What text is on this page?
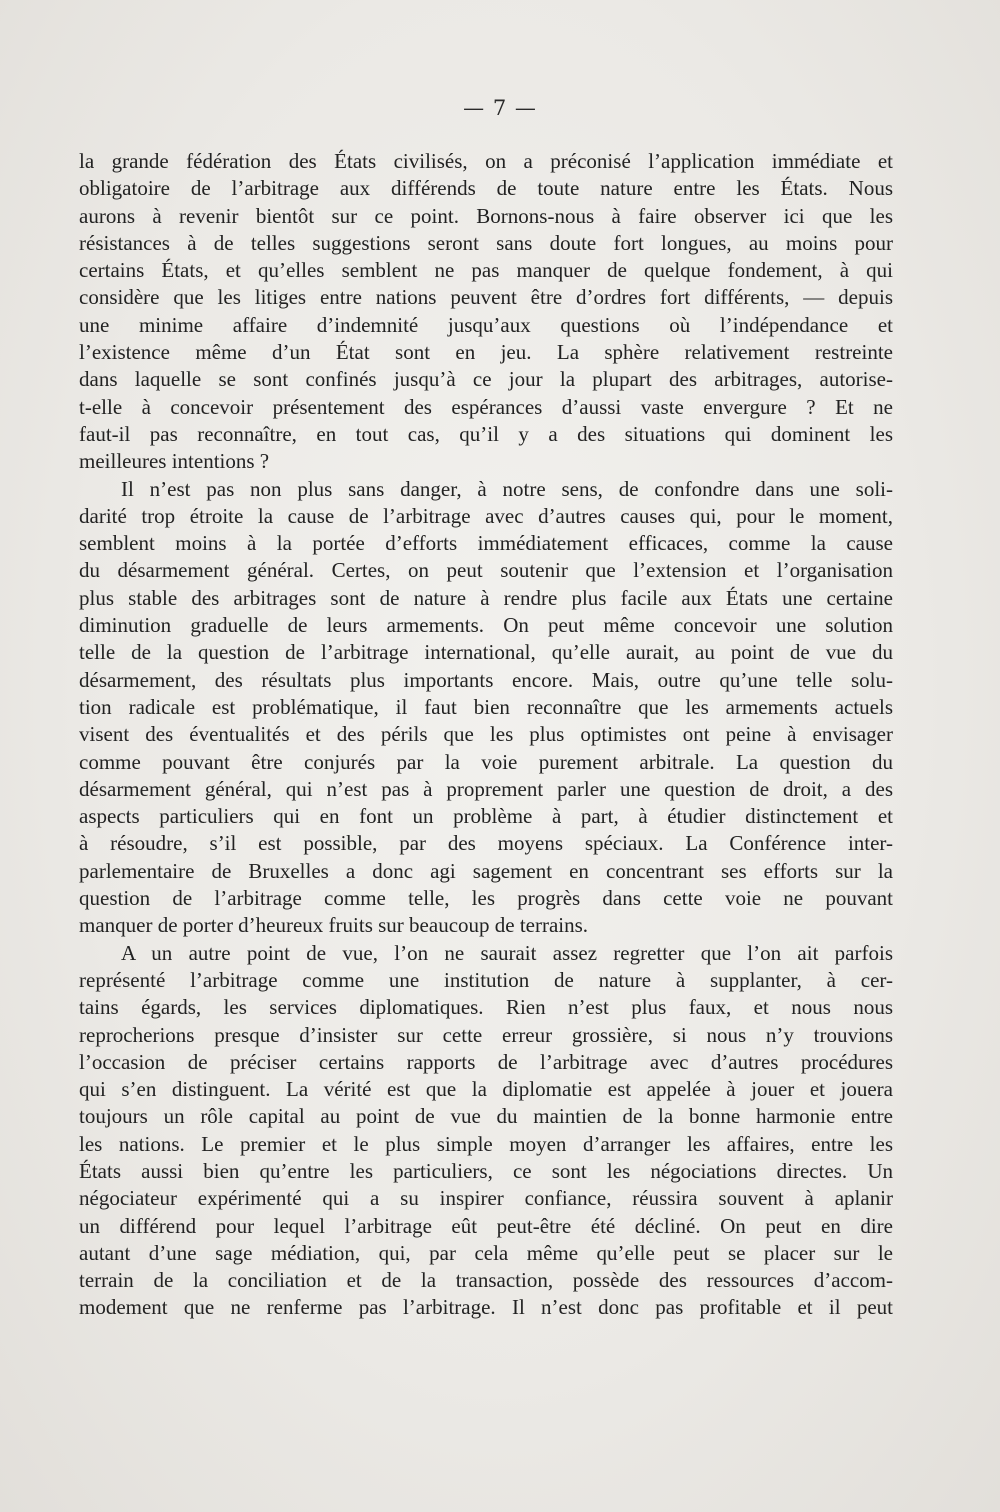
— 7 —
la grande fédération des États civilisés, on a préconisé l’application immédiate et
obligatoire de l’arbitrage aux différends de toute nature entre les États. Nous
aurons à revenir bientôt sur ce point. Bornons-nous à faire observer ici que les
résistances à de telles suggestions seront sans doute fort longues, au moins pour
certains États, et qu’elles semblent ne pas manquer de quelque fondement, à qui
considère que les litiges entre nations peuvent être d’ordres fort différents, — depuis
une minime affaire d’indemnité jusqu’aux questions où l’indépendance et
l’existence même d’un État sont en jeu. La sphère relativement restreinte
dans laquelle se sont confinés jusqu’à ce jour la plupart des arbitrages, autorise-
t-elle à concevoir présentement des espérances d’aussi vaste envergure ? Et ne
faut-il pas reconnaître, en tout cas, qu’il y a des situations qui dominent les
meilleures intentions ?
Il n’est pas non plus sans danger, à notre sens, de confondre dans une soli-
darité trop étroite la cause de l’arbitrage avec d’autres causes qui, pour le moment,
semblent moins à la portée d’efforts immédiatement efficaces, comme la cause
du désarmement général. Certes, on peut soutenir que l’extension et l’organisation
plus stable des arbitrages sont de nature à rendre plus facile aux États une certaine
diminution graduelle de leurs armements. On peut même concevoir une solution
telle de la question de l’arbitrage international, qu’elle aurait, au point de vue du
désarmement, des résultats plus importants encore. Mais, outre qu’une telle solu-
tion radicale est problématique, il faut bien reconnaître que les armements actuels
visent des éventualités et des périls que les plus optimistes ont peine à envisager
comme pouvant être conjurés par la voie purement arbitrale. La question du
désarmement général, qui n’est pas à proprement parler une question de droit, a des
aspects particuliers qui en font un problème à part, à étudier distinctement et
à résoudre, s’il est possible, par des moyens spéciaux. La Conférence inter-
parlementaire de Bruxelles a donc agi sagement en concentrant ses efforts sur la
question de l’arbitrage comme telle, les progrès dans cette voie ne pouvant
manquer de porter d’heureux fruits sur beaucoup de terrains.
A un autre point de vue, l’on ne saurait assez regretter que l’on ait parfois
représenté l’arbitrage comme une institution de nature à supplanter, à cer-
tains égards, les services diplomatiques. Rien n’est plus faux, et nous nous
reprocherions presque d’insister sur cette erreur grossière, si nous n’y trouvions
l’occasion de préciser certains rapports de l’arbitrage avec d’autres procédures
qui s’en distinguent. La vérité est que la diplomatie est appelée à jouer et jouera
toujours un rôle capital au point de vue du maintien de la bonne harmonie entre
les nations. Le premier et le plus simple moyen d’arranger les affaires, entre les
États aussi bien qu’entre les particuliers, ce sont les négociations directes. Un
négociateur expérimenté qui a su inspirer confiance, réussira souvent à aplanir
un différend pour lequel l’arbitrage eût peut-être été décliné. On peut en dire
autant d’une sage médiation, qui, par cela même qu’elle peut se placer sur le
terrain de la conciliation et de la transaction, possède des ressources d’accom-
modement que ne renferme pas l’arbitrage. Il n’est donc pas profitable et il peut
